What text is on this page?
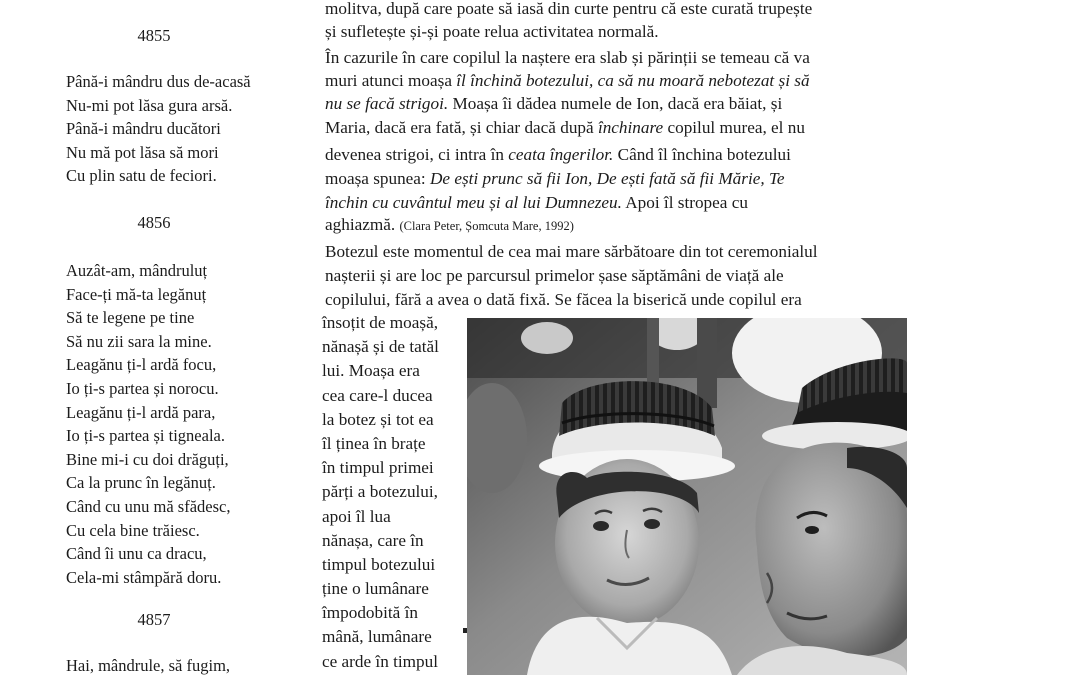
4855
Până-i mândru dus de-acasă
Nu-mi pot lăsa gura arsă.
Până-i mândru ducători
Nu mă pot lăsa să mori
Cu plin satu de feciori.
4856
Auzât-am, mândruluț
Face-ți mă-ta legănuț
Să te legene pe tine
Să nu zii sara la mine.
Leagănu ți-l ardă focu,
Io ți-s partea și norocu.
Leagănu ți-l ardă para,
Io ți-s partea și tigneala.
Bine mi-i cu doi drăguți,
Ca la prunc în legănuț.
Când cu unu mă sfădesc,
Cu cela bine trăiesc.
Când îi unu ca dracu,
Cela-mi stâmpără doru.
4857
Hai, mândrule, să fugim,
molitva, după care poate să iasă din curte pentru că este curată trupește
și sufletește și-și poate relua activitatea normală.
În cazurile în care copilul la naștere era slab și părinții se temeau că va
muri atunci moașa îl închină botezului, ca să nu moară nebotezat și să
nu se facă strigoi. Moașa îi dădea numele de Ion, dacă era băiat, și
Maria, dacă era fată, și chiar dacă după închinare copilul murea, el nu
devenea strigoi, ci intra în ceata îngerilor. Când îl închina botezului
moașa spunea: De ești prunc să fii Ion, De ești fată să fii Mărie, Te
închin cu cuvântul meu și al lui Dumnezeu. Apoi îl stropea cu
aghiazmă. (Clara Peter, Șomcuta Mare, 1992)
Botezul este momentul de cea mai mare sărbătoare din tot ceremonialul
nașterii și are loc pe parcursul primelor șase săptămâni de viață ale
copilului, fără a avea o dată fixă. Se făcea la biserică unde copilul era
însoțit de moașă,
nănașă și de tatăl
lui. Moașa era
cea care-l ducea
la botez și tot ea
îl ținea în brațe
în timpul primei
părți a botezului,
apoi îl lua
nănașa, care în
timpul botezului
ține o lumânare
împodobită în
mână, lumânare
ce arde în timpul
